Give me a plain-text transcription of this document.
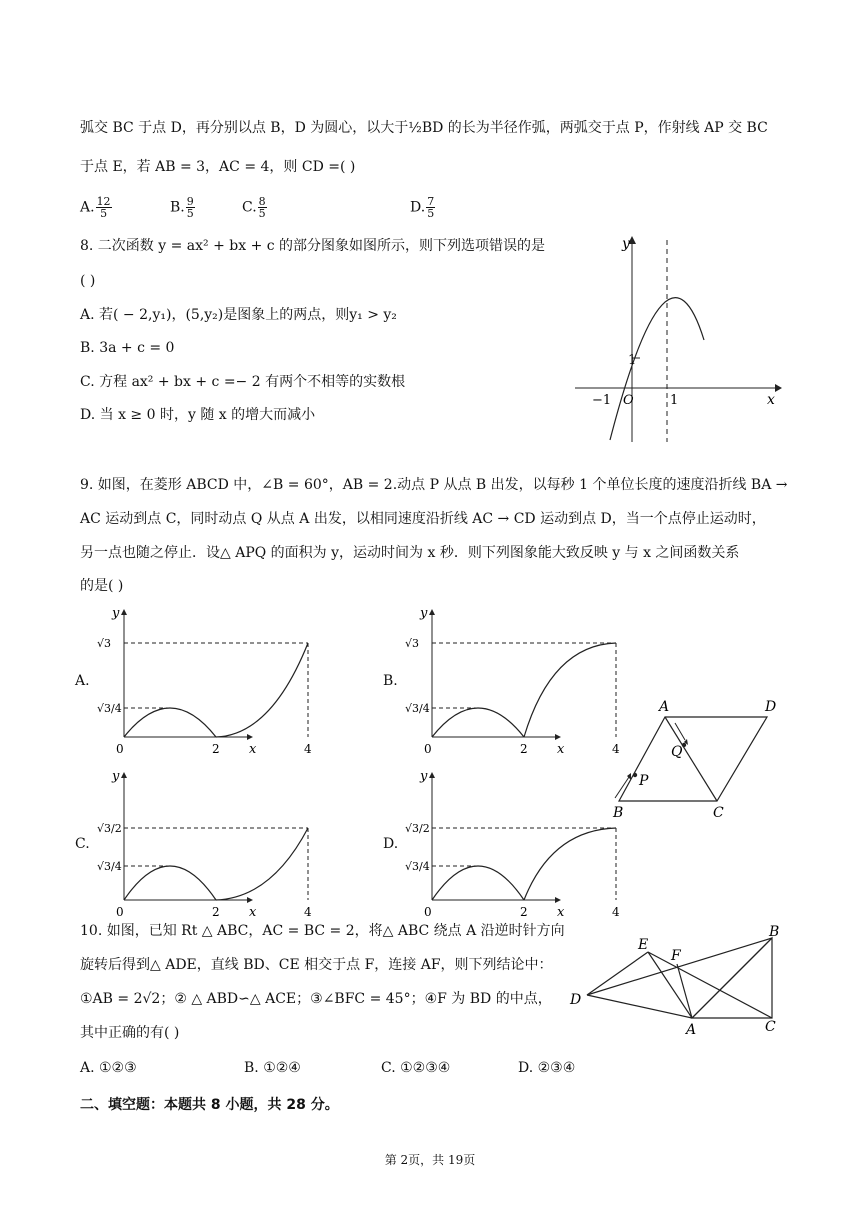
弧交 BC 于点 D，再分别以点 B，D 为圆心，以大于½BD 的长为半径作弧，两弧交于点 P，作射线 AP 交 BC
于点 E，若 AB = 3，AC = 4，则 CD =( )
A. $\frac{12}{5}$	B. $\frac{9}{5}$	C. $\frac{8}{5}$	D. $\frac{7}{5}$
8. 二次函数 y = ax² + bx + c 的部分图象如图所示，则下列选项错误的是
( )
A. 若( − 2,y₁)，(5,y₂)是图象上的两点，则y₁ > y₂
B. 3a + c = 0
C. 方程 ax² + bx + c =− 2 有两个不相等的实数根
D. 当 x ≥ 0 时，y 随 x 的增大而减小
y
x
O
−1	1
1
9. 如图，在菱形 ABCD 中，∠B = 60°，AB = 2.动点 P 从点 B 出发，以每秒 1 个单位长度的速度沿折线 BA →
AC 运动到点 C，同时动点 Q 从点 A 出发，以相同速度沿折线 AC → CD 运动到点 D，当一个点停止运动时，
另一点也随之停止．设△ APQ 的面积为 y，运动时间为 x 秒．则下列图象能大致反映 y 与 x 之间函数关系
的是( )
A.
y
x
0	2	4
√3
√3/4
B.
y
x
0	2	4
√3
√3/4
C.
y
x
0	2	4
√3/2
√3/4
D.
y
x
0	2	4
√3/2
√3/4
A	D
B	C
P
Q
10. 如图，已知 Rt △ ABC，AC = BC = 2，将△ ABC 绕点 A 沿逆时针方向
旋转后得到△ ADE，直线 BD、CE 相交于点 F，连接 AF，则下列结论中：
①AB = 2√2；② △ ABD∽△ ACE；③∠BFC = 45°；④F 为 BD 的中点，
其中正确的有( )
A. ①②③	B. ①②④	C. ①②③④	D. ②③④
B
C
A
D
E
F
二、填空题：本题共 8 小题，共 28 分。
第 2页，共 19页
